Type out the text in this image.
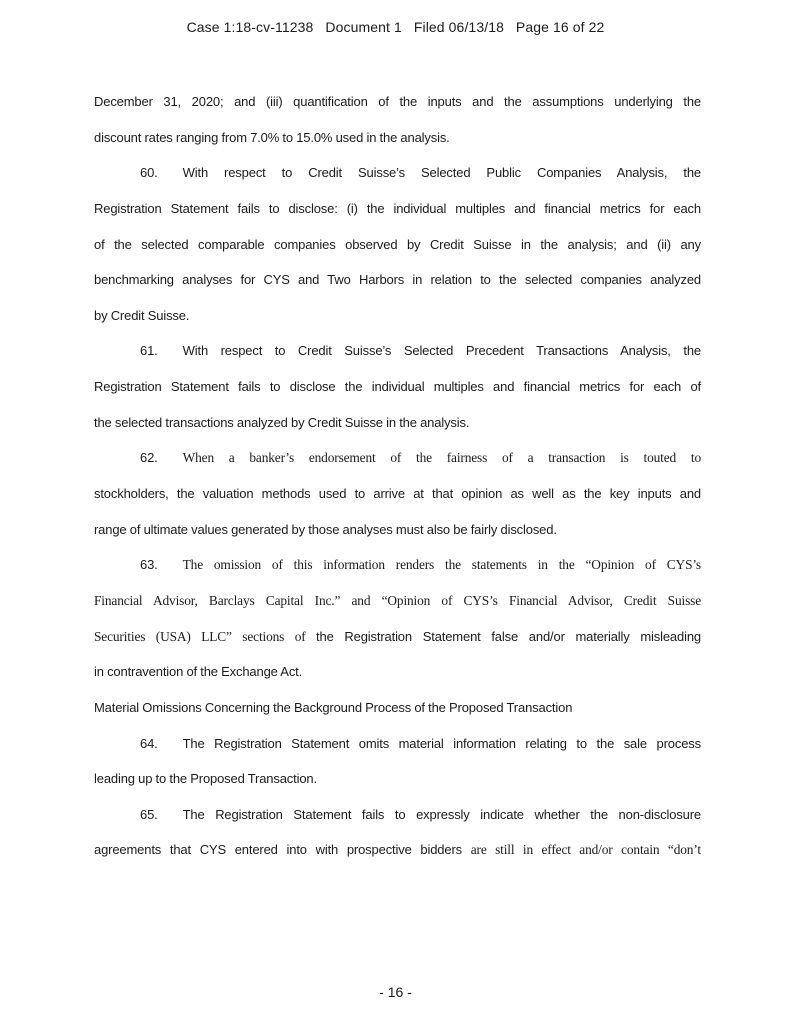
Case 1:18-cv-11238   Document 1   Filed 06/13/18   Page 16 of 22
December 31, 2020; and (iii) quantification of the inputs and the assumptions underlying the
discount rates ranging from 7.0% to 15.0% used in the analysis.
60. With respect to Credit Suisse’s Selected Public Companies Analysis, the
Registration Statement fails to disclose: (i) the individual multiples and financial metrics for each
of the selected comparable companies observed by Credit Suisse in the analysis; and (ii) any
benchmarking analyses for CYS and Two Harbors in relation to the selected companies analyzed
by Credit Suisse.
61. With respect to Credit Suisse’s Selected Precedent Transactions Analysis, the
Registration Statement fails to disclose the individual multiples and financial metrics for each of
the selected transactions analyzed by Credit Suisse in the analysis.
62. When a banker’s endorsement of the fairness of a transaction is touted to
stockholders, the valuation methods used to arrive at that opinion as well as the key inputs and
range of ultimate values generated by those analyses must also be fairly disclosed.
63. The omission of this information renders the statements in the “Opinion of CYS’s
Financial Advisor, Barclays Capital Inc.” and “Opinion of CYS’s Financial Advisor, Credit Suisse
Securities (USA) LLC” sections of the Registration Statement false and/or materially misleading
in contravention of the Exchange Act.
Material Omissions Concerning the Background Process of the Proposed Transaction
64. The Registration Statement omits material information relating to the sale process
leading up to the Proposed Transaction.
65. The Registration Statement fails to expressly indicate whether the non-disclosure
agreements that CYS entered into with prospective bidders are still in effect and/or contain “don’t
- 16 -
